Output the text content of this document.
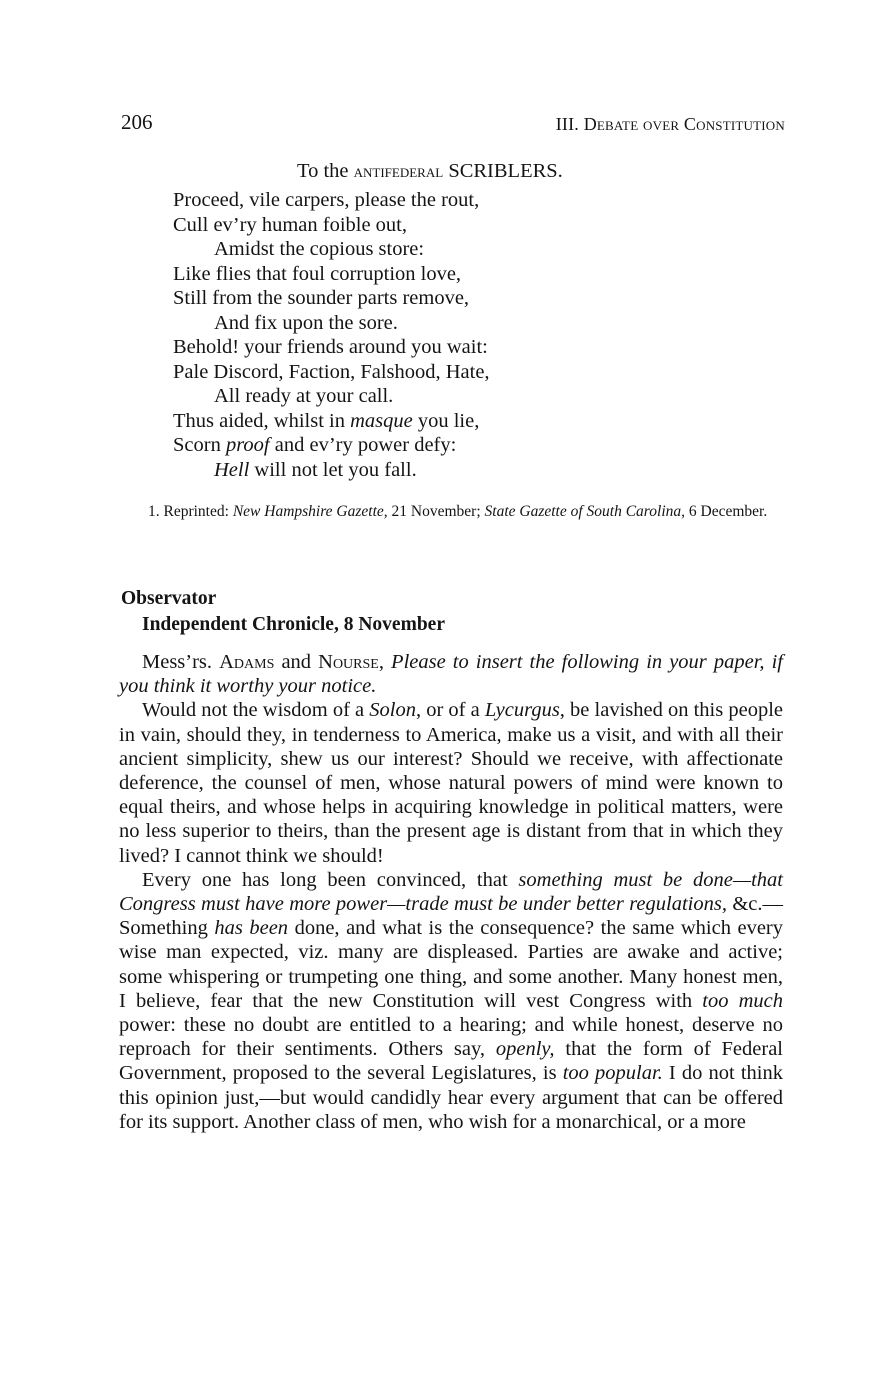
206	III. Debate over Constitution
To the antifederal SCRIBLERS.
Proceed, vile carpers, please the rout,
Cull ev’ry human foible out,
Amidst the copious store:
Like flies that foul corruption love,
Still from the sounder parts remove,
And fix upon the sore.
Behold! your friends around you wait:
Pale Discord, Faction, Falshood, Hate,
All ready at your call.
Thus aided, whilst in masque you lie,
Scorn proof and ev’ry power defy:
Hell will not let you fall.
1. Reprinted: New Hampshire Gazette, 21 November; State Gazette of South Carolina, 6 December.
Observator
Independent Chronicle, 8 November

Mess’rs. Adams and Nourse, Please to insert the following in your paper, if you think it worthy your notice.

Would not the wisdom of a Solon, or of a Lycurgus, be lavished on this people in vain, should they, in tenderness to America, make us a visit, and with all their ancient simplicity, shew us our interest? Should we receive, with affectionate deference, the counsel of men, whose natural powers of mind were known to equal theirs, and whose helps in acquiring knowledge in political matters, were no less superior to theirs, than the present age is distant from that in which they lived? I cannot think we should!

Every one has long been convinced, that something must be done—that Congress must have more power—trade must be under better regulations, &c.—Something has been done, and what is the consequence? the same which every wise man expected, viz. many are displeased. Parties are awake and active; some whispering or trumpeting one thing, and some another. Many honest men, I believe, fear that the new Constitution will vest Congress with too much power: these no doubt are entitled to a hearing; and while honest, deserve no reproach for their sentiments. Others say, openly, that the form of Federal Government, proposed to the several Legislatures, is too popular. I do not think this opinion just,—but would candidly hear every argument that can be offered for its support. Another class of men, who wish for a monarchical, or a more
